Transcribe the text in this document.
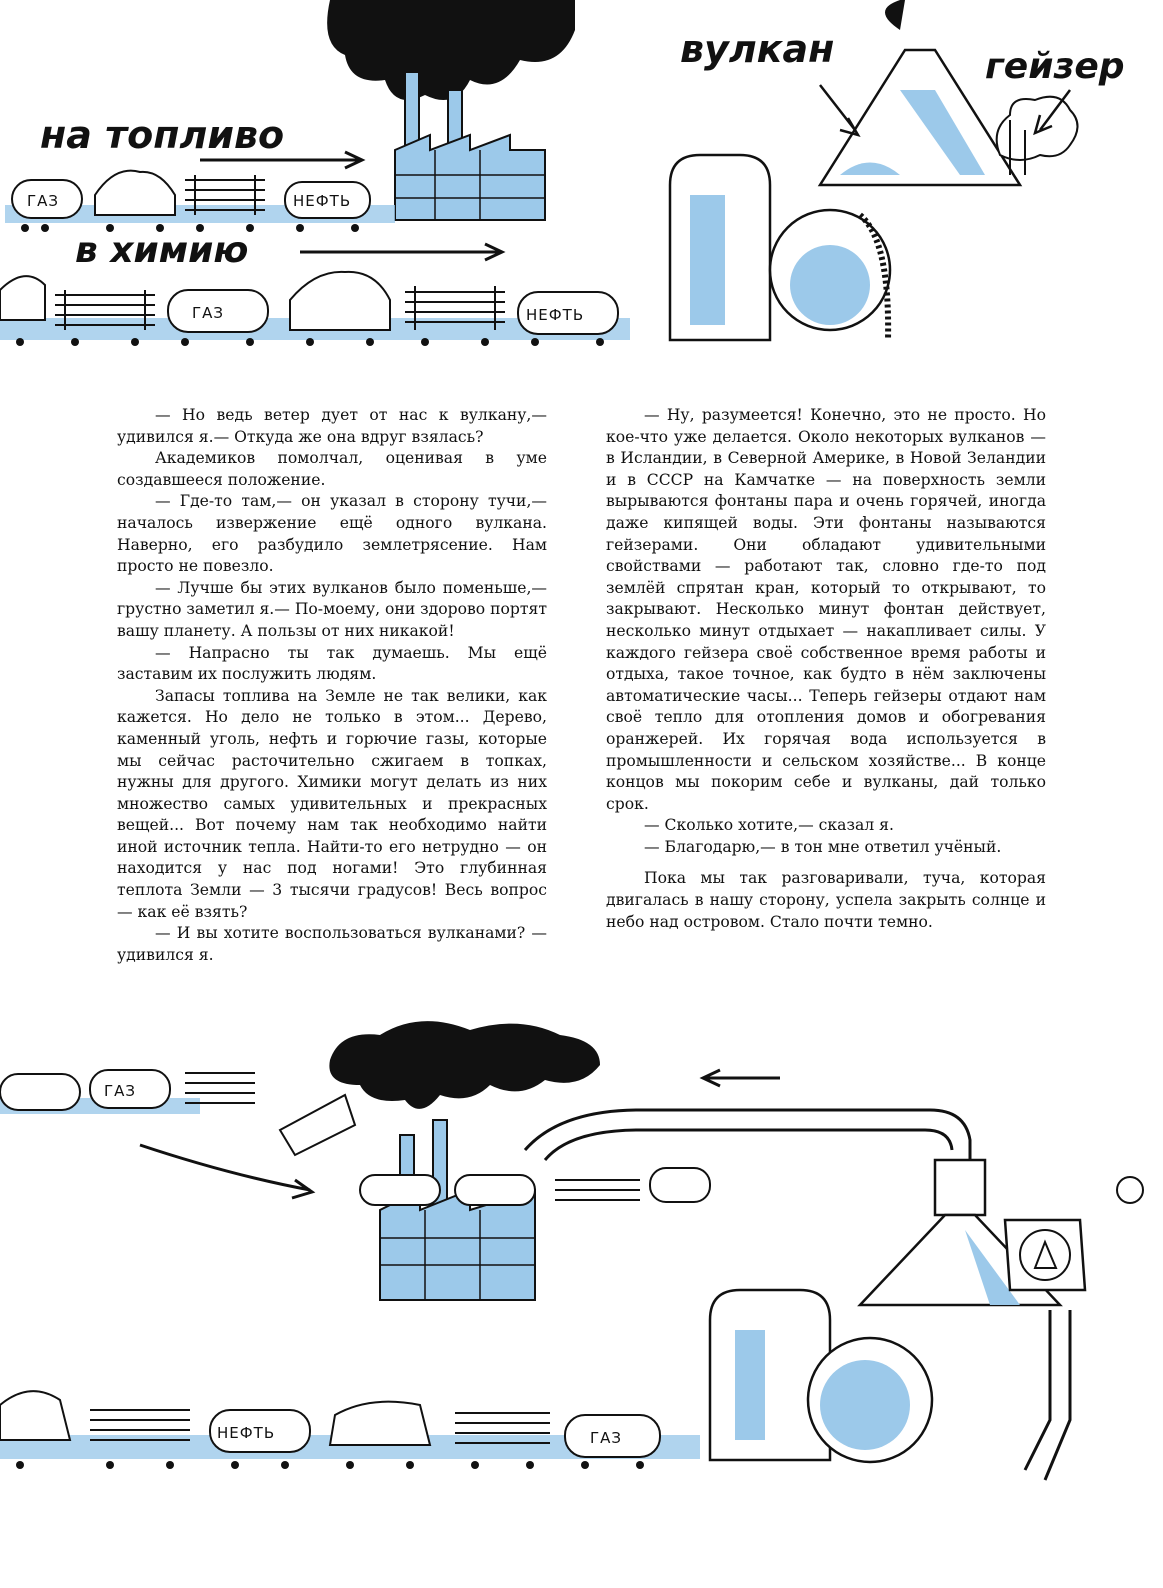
на топливо
ГАЗ	НЕФТЬ
в химию
ГАЗ	НЕФТЬ
вулкан	гейзер

— Но ведь ветер дует от нас к вулкану,— удивился я.— Откуда же она вдруг взялась?

Академиков помолчал, оценивая в уме создавшееся положение.

— Где-то там,— он указал в сторону тучи,— началось извержение ещё одного вулкана. Наверно, его разбудило землетрясение. Нам просто не повезло.

— Лучше бы этих вулканов было поменьше,— грустно заметил я.— По-моему, они здорово портят вашу планету. А пользы от них никакой!

— Напрасно ты так думаешь. Мы ещё заставим их послужить людям.

Запасы топлива на Земле не так велики, как кажется. Но дело не только в этом... Дерево, каменный уголь, нефть и горючие газы, которые мы сейчас расточительно сжигаем в топках, нужны для другого. Химики могут делать из них множество самых удивительных и прекрасных вещей... Вот почему нам так необходимо найти иной источник тепла. Найти-то его нетрудно — он находится у нас под ногами! Это глубинная теплота Земли — 3 тысячи градусов! Весь вопрос — как её взять?

— И вы хотите воспользоваться вулканами? — удивился я.

— Ну, разумеется! Конечно, это не просто. Но кое-что уже делается. Около некоторых вулканов — в Исландии, в Северной Америке, в Новой Зеландии и в СССР на Камчатке — на поверхность земли вырываются фонтаны пара и очень горячей, иногда даже кипящей воды. Эти фонтаны называются гейзерами. Они обладают удивительными свойствами — работают так, словно где-то под землёй спрятан кран, который то открывают, то закрывают. Несколько минут фонтан действует, несколько минут отдыхает — накапливает силы. У каждого гейзера своё собственное время работы и отдыха, такое точное, как будто в нём заключены автоматические часы... Теперь гейзеры отдают нам своё тепло для отопления домов и обогревания оранжерей. Их горячая вода используется в промышленности и сельском хозяйстве... В конце концов мы покорим себе и вулканы, дай только срок.

— Сколько хотите,— сказал я.

— Благодарю,— в тон мне ответил учёный.

Пока мы так разговаривали, туча, которая двигалась в нашу сторону, успела закрыть солнце и небо над островом. Стало почти темно.

ГАЗ
НЕФТЬ	ГАЗ
